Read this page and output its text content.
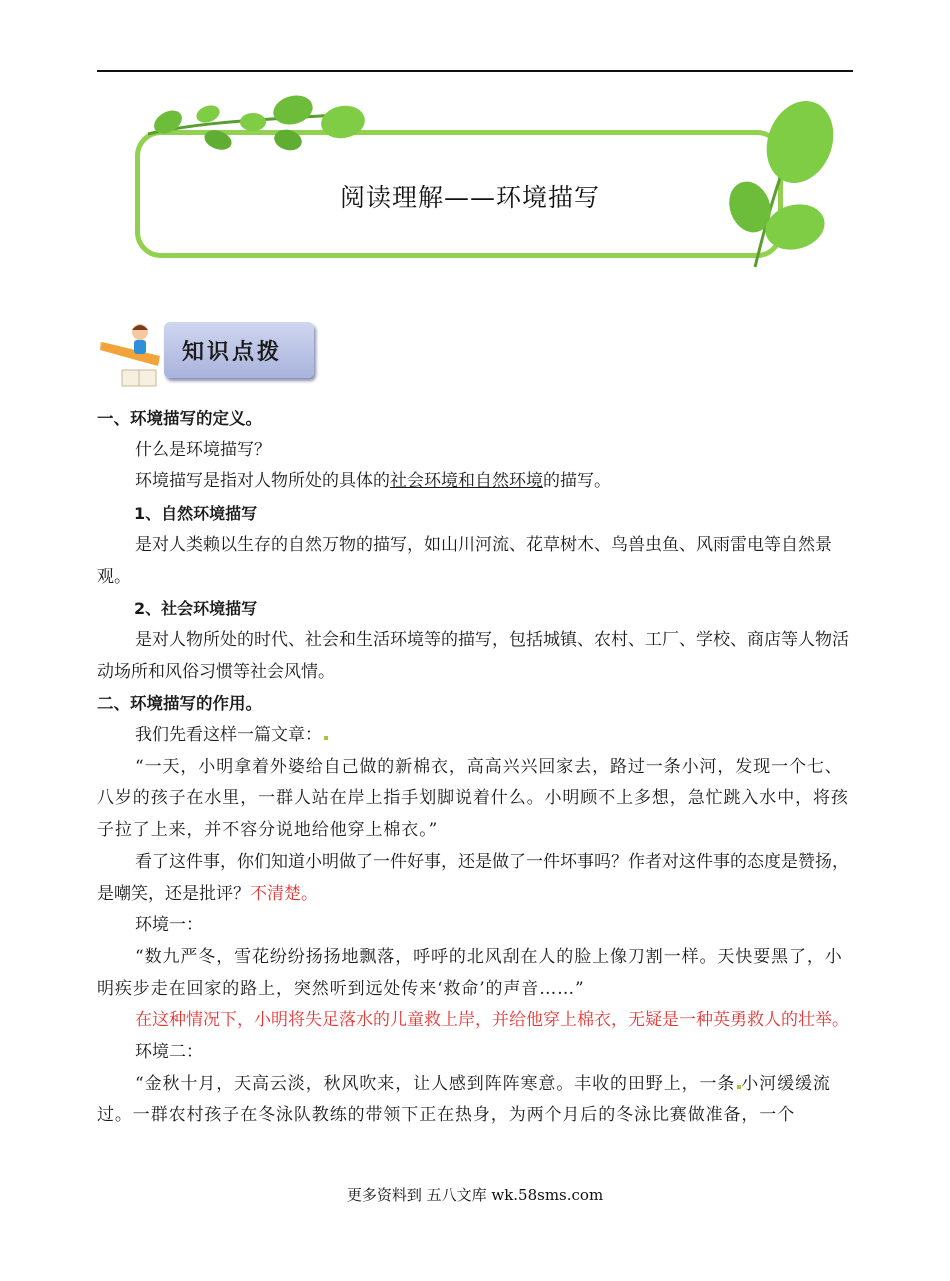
阅读理解——环境描写
知识点拨

一、环境描写的定义。

什么是环境描写？

环境描写是指对人物所处的具体的社会环境和自然环境的描写。

1、自然环境描写

是对人类赖以生存的自然万物的描写，如山川河流、花草树木、鸟兽虫鱼、风雨雷电等自然景观。

2、社会环境描写

是对人物所处的时代、社会和生活环境等的描写，包括城镇、农村、工厂、学校、商店等人物活动场所和风俗习惯等社会风情。

二、环境描写的作用。

我们先看这样一篇文章：

“一天，小明拿着外婆给自己做的新棉衣，高高兴兴回家去，路过一条小河，发现一个七、八岁的孩子在水里，一群人站在岸上指手划脚说着什么。小明顾不上多想，急忙跳入水中，将孩子拉了上来，并不容分说地给他穿上棉衣。”

看了这件事，你们知道小明做了一件好事，还是做了一件坏事吗？作者对这件事的态度是赞扬，是嘲笑，还是批评？不清楚。

环境一：

“数九严冬，雪花纷纷扬扬地飘落，呼呼的北风刮在人的脸上像刀割一样。天快要黑了，小明疾步走在回家的路上，突然听到远处传来‘救命’的声音……”

在这种情况下，小明将失足落水的儿童救上岸，并给他穿上棉衣，无疑是一种英勇救人的壮举。

环境二：

“金秋十月，天高云淡，秋风吹来，让人感到阵阵寒意。丰收的田野上，一条 小河缓缓流过。一群农村孩子在冬泳队教练的带领下正在热身，为两个月后的冬泳比赛做准备，一个

更多资料到 五八文库 wk.58sms.com
